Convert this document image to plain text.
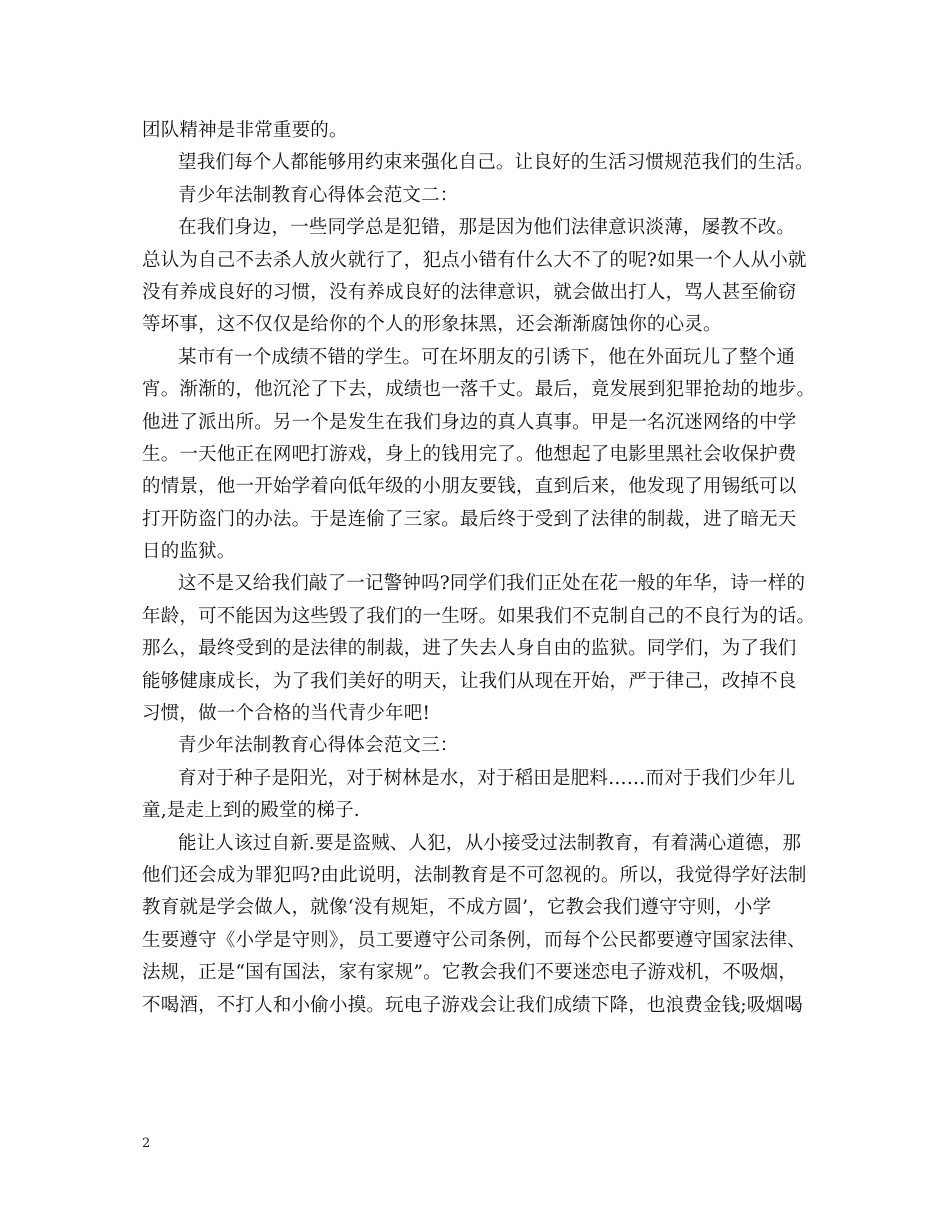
团队精神是非常重要的。
望我们每个人都能够用约束来强化自己。让良好的生活习惯规范我们的生活。
青少年法制教育心得体会范文二：
在我们身边，一些同学总是犯错，那是因为他们法律意识淡薄，屡教不改。
总认为自己不去杀人放火就行了，犯点小错有什么大不了的呢?如果一个人从小就
没有养成良好的习惯，没有养成良好的法律意识，就会做出打人，骂人甚至偷窃
等坏事，这不仅仅是给你的个人的形象抹黑，还会渐渐腐蚀你的心灵。
某市有一个成绩不错的学生。可在坏朋友的引诱下，他在外面玩儿了整个通
宵。渐渐的，他沉沦了下去，成绩也一落千丈。最后，竟发展到犯罪抢劫的地步。
他进了派出所。另一个是发生在我们身边的真人真事。甲是一名沉迷网络的中学
生。一天他正在网吧打游戏，身上的钱用完了。他想起了电影里黑社会收保护费
的情景，他一开始学着向低年级的小朋友要钱，直到后来，他发现了用锡纸可以
打开防盗门的办法。于是连偷了三家。最后终于受到了法律的制裁，进了暗无天
日的监狱。
这不是又给我们敲了一记警钟吗?同学们我们正处在花一般的年华，诗一样的
年龄，可不能因为这些毁了我们的一生呀。如果我们不克制自己的不良行为的话。
那么，最终受到的是法律的制裁，进了失去人身自由的监狱。同学们，为了我们
能够健康成长，为了我们美好的明天，让我们从现在开始，严于律己，改掉不良
习惯，做一个合格的当代青少年吧!
青少年法制教育心得体会范文三：
育对于种子是阳光，对于树林是水，对于稻田是肥料……而对于我们少年儿
童,是走上到的殿堂的梯子.
能让人该过自新.要是盗贼、人犯，从小接受过法制教育，有着满心道德，那
他们还会成为罪犯吗?由此说明，法制教育是不可忽视的。所以，我觉得学好法制
教育就是学会做人，就像‘没有规矩，不成方圆’，它教会我们遵守守则，小学
生要遵守《小学是守则》，员工要遵守公司条例，而每个公民都要遵守国家法律、
法规，正是“国有国法，家有家规”。它教会我们不要迷恋电子游戏机，不吸烟，
不喝酒，不打人和小偷小摸。玩电子游戏会让我们成绩下降，也浪费金钱;吸烟喝
2
